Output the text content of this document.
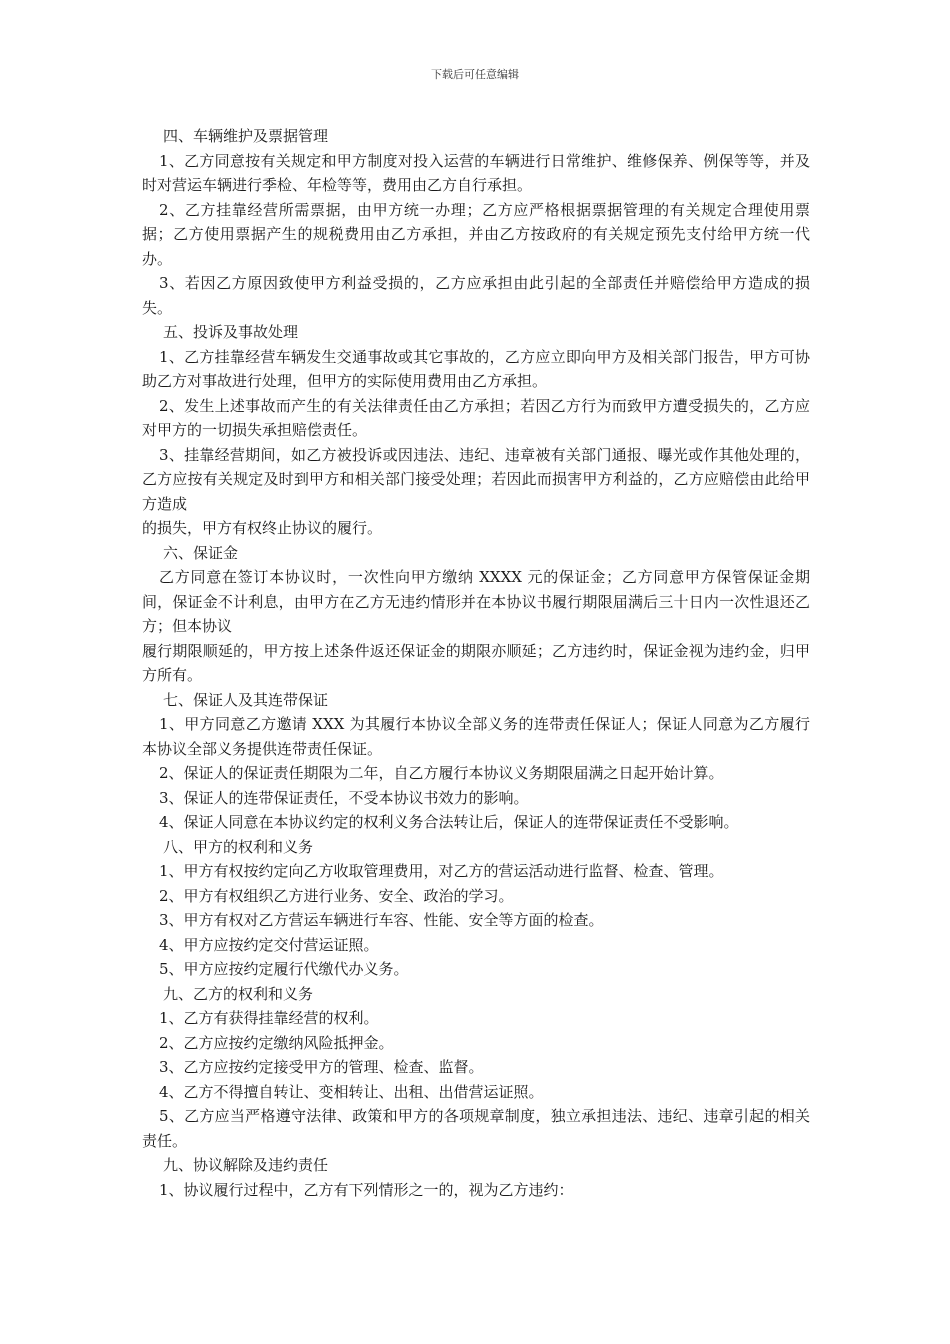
下载后可任意编辑

四、车辆维护及票据管理

1、乙方同意按有关规定和甲方制度对投入运营的车辆进行日常维护、维修保养、例保等等，并及时对营运车辆进行季检、年检等等，费用由乙方自行承担。

2、乙方挂靠经营所需票据，由甲方统一办理；乙方应严格根据票据管理的有关规定合理使用票据；乙方使用票据产生的规税费用由乙方承担，并由乙方按政府的有关规定预先支付给甲方统一代办。

3、若因乙方原因致使甲方利益受损的，乙方应承担由此引起的全部责任并赔偿给甲方造成的损失。

五、投诉及事故处理

1、乙方挂靠经营车辆发生交通事故或其它事故的，乙方应立即向甲方及相关部门报告，甲方可协助乙方对事故进行处理，但甲方的实际使用费用由乙方承担。

2、发生上述事故而产生的有关法律责任由乙方承担；若因乙方行为而致甲方遭受损失的，乙方应对甲方的一切损失承担赔偿责任。

3、挂靠经营期间，如乙方被投诉或因违法、违纪、违章被有关部门通报、曝光或作其他处理的，乙方应按有关规定及时到甲方和相关部门接受处理；若因此而损害甲方利益的，乙方应赔偿由此给甲方造成

的损失，甲方有权终止协议的履行。

六、保证金

乙方同意在签订本协议时，一次性向甲方缴纳 XXXX 元的保证金；乙方同意甲方保管保证金期间，保证金不计利息，由甲方在乙方无违约情形并在本协议书履行期限届满后三十日内一次性退还乙方；但本协议

履行期限顺延的，甲方按上述条件返还保证金的期限亦顺延；乙方违约时，保证金视为违约金，归甲方所有。

七、保证人及其连带保证

1、甲方同意乙方邀请 XXX 为其履行本协议全部义务的连带责任保证人；保证人同意为乙方履行本协议全部义务提供连带责任保证。

2、保证人的保证责任期限为二年，自乙方履行本协议义务期限届满之日起开始计算。

3、保证人的连带保证责任，不受本协议书效力的影响。

4、保证人同意在本协议约定的权利义务合法转让后，保证人的连带保证责任不受影响。

八、甲方的权利和义务

1、甲方有权按约定向乙方收取管理费用，对乙方的营运活动进行监督、检查、管理。

2、甲方有权组织乙方进行业务、安全、政治的学习。

3、甲方有权对乙方营运车辆进行车容、性能、安全等方面的检查。

4、甲方应按约定交付营运证照。

5、甲方应按约定履行代缴代办义务。

九、乙方的权利和义务

1、乙方有获得挂靠经营的权利。

2、乙方应按约定缴纳风险抵押金。

3、乙方应按约定接受甲方的管理、检查、监督。

4、乙方不得擅自转让、变相转让、出租、出借营运证照。

5、乙方应当严格遵守法律、政策和甲方的各项规章制度，独立承担违法、违纪、违章引起的相关责任。

九、协议解除及违约责任

1、协议履行过程中，乙方有下列情形之一的，视为乙方违约：
